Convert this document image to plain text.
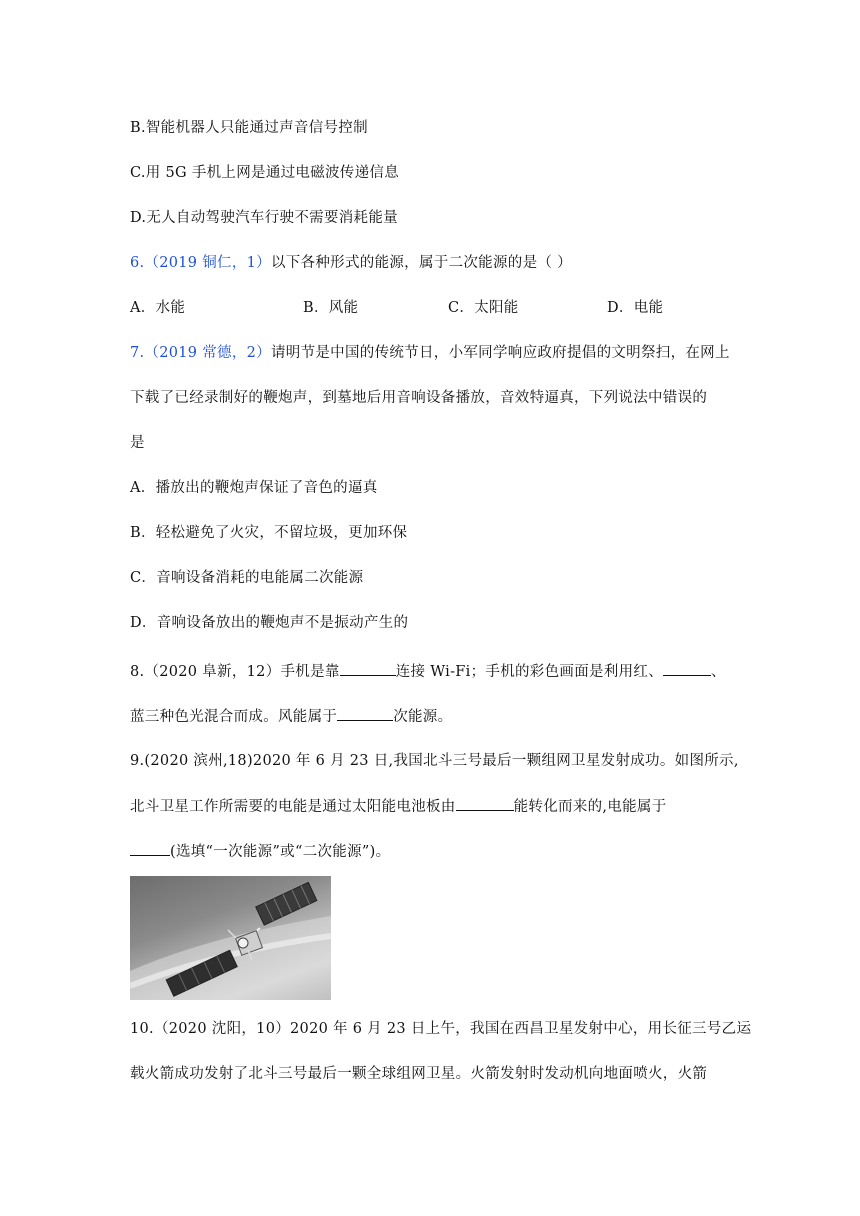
B.智能机器人只能通过声音信号控制
C.用 5G 手机上网是通过电磁波传递信息
D.无人自动驾驶汽车行驶不需要消耗能量
6.（2019 铜仁，1）以下各种形式的能源，属于二次能源的是（ ）
A．水能	B．风能	C．太阳能	D．电能
7.（2019 常德，2）请明节是中国的传统节日，小军同学响应政府提倡的文明祭扫，在网上
下载了已经录制好的鞭炮声，到墓地后用音响设备播放，音效特逼真，下列说法中错误的
是
A．播放出的鞭炮声保证了音色的逼真
B．轻松避免了火灾，不留垃圾，更加环保
C．音响设备消耗的电能属二次能源
D．音响设备放出的鞭炮声不是振动产生的
8.（2020 阜新，12）手机是靠	连接 Wi-Fi；手机的彩色画面是利用红、	、
蓝三种色光混合而成。风能属于	次能源。
9.(2020 滨州,18)2020 年 6 月 23 日,我国北斗三号最后一颗组网卫星发射成功。如图所示,
北斗卫星工作所需要的电能是通过太阳能电池板由	能转化而来的,电能属于
(选填“一次能源”或“二次能源”)。
10.（2020 沈阳，10）2020 年 6 月 23 日上午，我国在西昌卫星发射中心，用长征三号乙运
载火箭成功发射了北斗三号最后一颗全球组网卫星。火箭发射时发动机向地面喷火，火箭
